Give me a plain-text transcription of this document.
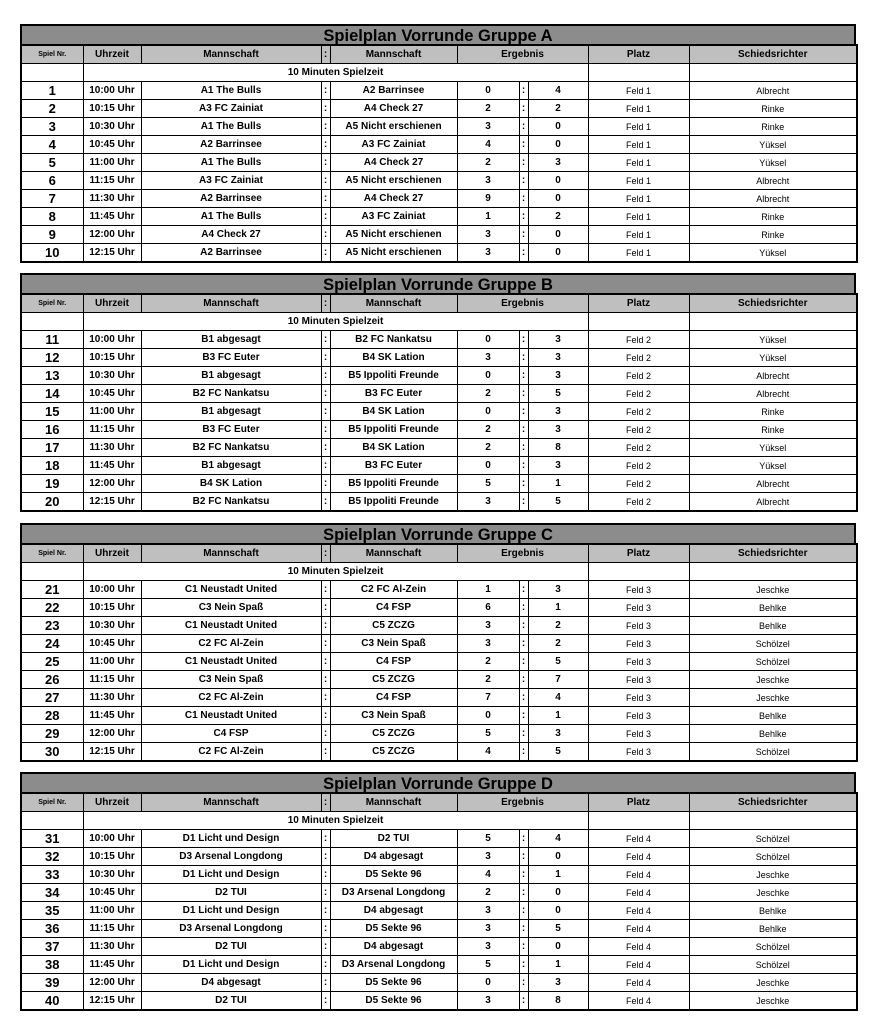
Spielplan Vorrunde Gruppe A
Spiel Nr.	Uhrzeit	Mannschaft	:	Mannschaft	Ergebnis			Platz	Schiedsrichter
	10 Minuten Spielzeit								
1	10:00 Uhr	A1 The Bulls	:	A2 Barrinsee	0	:	4	Feld 1	Albrecht
2	10:15 Uhr	A3 FC Zainiat	:	A4 Check 27	2	:	2	Feld 1	Rinke
3	10:30 Uhr	A1 The Bulls	:	A5 Nicht erschienen	3	:	0	Feld 1	Rinke
4	10:45 Uhr	A2 Barrinsee	:	A3 FC Zainiat	4	:	0	Feld 1	Yüksel
5	11:00 Uhr	A1 The Bulls	:	A4 Check 27	2	:	3	Feld 1	Yüksel
6	11:15 Uhr	A3 FC Zainiat	:	A5 Nicht erschienen	3	:	0	Feld 1	Albrecht
7	11:30 Uhr	A2 Barrinsee	:	A4 Check 27	9	:	0	Feld 1	Albrecht
8	11:45 Uhr	A1 The Bulls	:	A3 FC Zainiat	1	:	2	Feld 1	Rinke
9	12:00 Uhr	A4 Check 27	:	A5 Nicht erschienen	3	:	0	Feld 1	Rinke
10	12:15 Uhr	A2 Barrinsee	:	A5 Nicht erschienen	3	:	0	Feld 1	Yüksel
Spielplan Vorrunde Gruppe B
Spiel Nr.	Uhrzeit	Mannschaft	:	Mannschaft	Ergebnis			Platz	Schiedsrichter
	10 Minuten Spielzeit								
11	10:00 Uhr	B1 abgesagt	:	B2 FC Nankatsu	0	:	3	Feld 2	Yüksel
12	10:15 Uhr	B3 FC Euter	:	B4 SK Lation	3	:	3	Feld 2	Yüksel
13	10:30 Uhr	B1 abgesagt	:	B5 Ippoliti Freunde	0	:	3	Feld 2	Albrecht
14	10:45 Uhr	B2 FC Nankatsu	:	B3 FC Euter	2	:	5	Feld 2	Albrecht
15	11:00 Uhr	B1 abgesagt	:	B4 SK Lation	0	:	3	Feld 2	Rinke
16	11:15 Uhr	B3 FC Euter	:	B5 Ippoliti Freunde	2	:	3	Feld 2	Rinke
17	11:30 Uhr	B2 FC Nankatsu	:	B4 SK Lation	2	:	8	Feld 2	Yüksel
18	11:45 Uhr	B1 abgesagt	:	B3 FC Euter	0	:	3	Feld 2	Yüksel
19	12:00 Uhr	B4 SK Lation	:	B5 Ippoliti Freunde	5	:	1	Feld 2	Albrecht
20	12:15 Uhr	B2 FC Nankatsu	:	B5 Ippoliti Freunde	3	:	5	Feld 2	Albrecht
Spielplan Vorrunde Gruppe C
Spiel Nr.	Uhrzeit	Mannschaft	:	Mannschaft	Ergebnis			Platz	Schiedsrichter
	10 Minuten Spielzeit								
21	10:00 Uhr	C1 Neustadt United	:	C2 FC Al-Zein	1	:	3	Feld 3	Jeschke
22	10:15 Uhr	C3 Nein Spaß	:	C4 FSP	6	:	1	Feld 3	Behlke
23	10:30 Uhr	C1 Neustadt United	:	C5 ZCZG	3	:	2	Feld 3	Behlke
24	10:45 Uhr	C2 FC Al-Zein	:	C3 Nein Spaß	3	:	2	Feld 3	Schölzel
25	11:00 Uhr	C1 Neustadt United	:	C4 FSP	2	:	5	Feld 3	Schölzel
26	11:15 Uhr	C3 Nein Spaß	:	C5 ZCZG	2	:	7	Feld 3	Jeschke
27	11:30 Uhr	C2 FC Al-Zein	:	C4 FSP	7	:	4	Feld 3	Jeschke
28	11:45 Uhr	C1 Neustadt United	:	C3 Nein Spaß	0	:	1	Feld 3	Behlke
29	12:00 Uhr	C4 FSP	:	C5 ZCZG	5	:	3	Feld 3	Behlke
30	12:15 Uhr	C2 FC Al-Zein	:	C5 ZCZG	4	:	5	Feld 3	Schölzel
Spielplan Vorrunde Gruppe D
Spiel Nr.	Uhrzeit	Mannschaft	:	Mannschaft	Ergebnis			Platz	Schiedsrichter
	10 Minuten Spielzeit								
31	10:00 Uhr	D1 Licht und Design	:	D2 TUI	5	:	4	Feld 4	Schölzel
32	10:15 Uhr	D3 Arsenal Longdong	:	D4 abgesagt	3	:	0	Feld 4	Schölzel
33	10:30 Uhr	D1 Licht und Design	:	D5 Sekte 96	4	:	1	Feld 4	Jeschke
34	10:45 Uhr	D2 TUI	:	D3 Arsenal Longdong	2	:	0	Feld 4	Jeschke
35	11:00 Uhr	D1 Licht und Design	:	D4 abgesagt	3	:	0	Feld 4	Behlke
36	11:15 Uhr	D3 Arsenal Longdong	:	D5 Sekte 96	3	:	5	Feld 4	Behlke
37	11:30 Uhr	D2 TUI	:	D4 abgesagt	3	:	0	Feld 4	Schölzel
38	11:45 Uhr	D1 Licht und Design	:	D3 Arsenal Longdong	5	:	1	Feld 4	Schölzel
39	12:00 Uhr	D4 abgesagt	:	D5 Sekte 96	0	:	3	Feld 4	Jeschke
40	12:15 Uhr	D2 TUI	:	D5 Sekte 96	3	:	8	Feld 4	Jeschke
